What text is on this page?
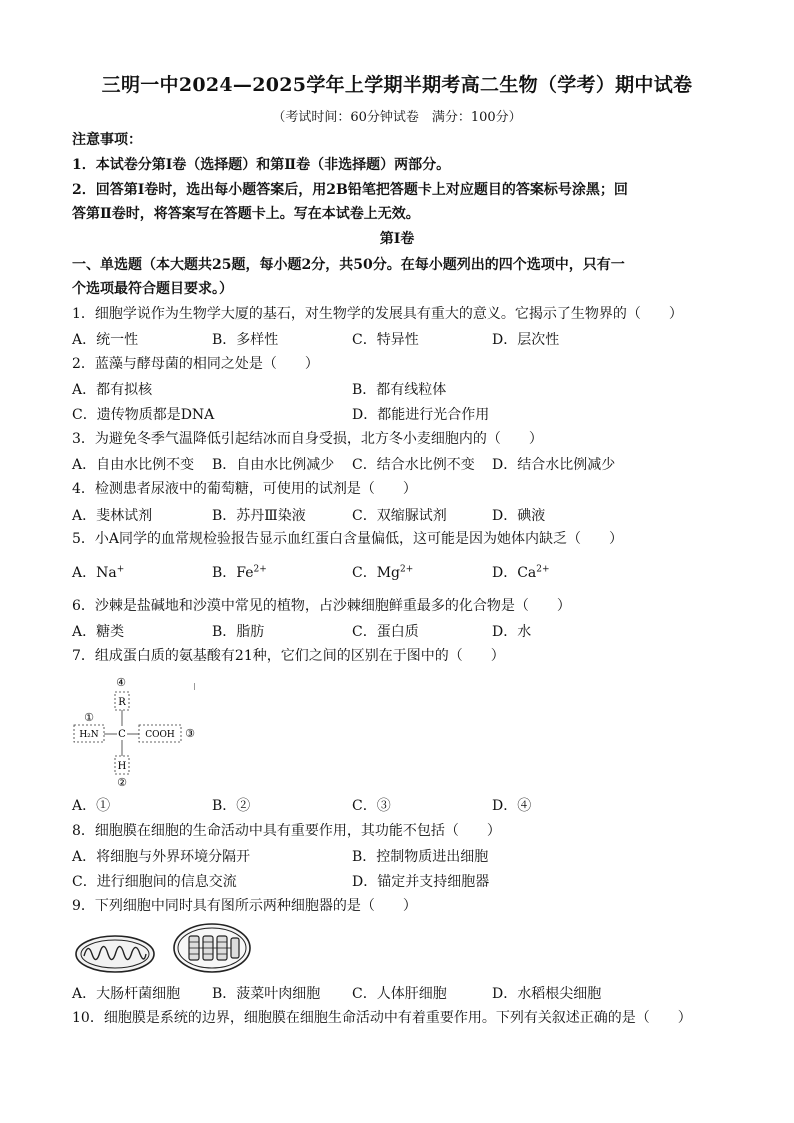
三明一中2024—2025学年上学期半期考高二生物（学考）期中试卷
（考试时间：60分钟试卷　满分：100分）
注意事项：
1．本试卷分第Ⅰ卷（选择题）和第Ⅱ卷（非选择题）两部分。
2．回答第Ⅰ卷时，选出每小题答案后，用2B铅笔把答题卡上对应题目的答案标号涂黑；回
答第Ⅱ卷时，将答案写在答题卡上。写在本试卷上无效。
第Ⅰ卷
一、单选题（本大题共25题，每小题2分，共50分。在每小题列出的四个选项中，只有一
个选项最符合题目要求。）
1．细胞学说作为生物学大厦的基石，对生物学的发展具有重大的意义。它揭示了生物界的（　　）
A．统一性	B．多样性	C．特异性	D．层次性
2．蓝藻与酵母菌的相同之处是（　　）
A．都有拟核	B．都有线粒体
C．遗传物质都是DNA	D．都能进行光合作用
3．为避免冬季气温降低引起结冰而自身受损，北方冬小麦细胞内的（　　）
A．自由水比例不变 B．自由水比例减少 C．结合水比例不变 D．结合水比例减少
4．检测患者尿液中的葡萄糖，可使用的试剂是（　　）
A．斐林试剂	B．苏丹Ⅲ染液	C．双缩脲试剂	D．碘液
5．小A同学的血常规检验报告显示血红蛋白含量偏低，这可能是因为她体内缺乏（　　）
A．Na+	B．$Fe^{2+}$	C．$Mg^{2+}$	D．$Ca^{2+}$
6．沙棘是盐碱地和沙漠中常见的植物，占沙棘细胞鲜重最多的化合物是（　　）
A．糖类	B．脂肪	C．蛋白质	D．水
7．组成蛋白质的氨基酸有21种，它们之间的区别在于图中的（　　）
④
R
①
H₂N C COOH ③
H
②
A．①	B．②	C．③	D．④
8．细胞膜在细胞的生命活动中具有重要作用，其功能不包括（　　）
A．将细胞与外界环境分隔开	B．控制物质进出细胞
C．进行细胞间的信息交流	D．锚定并支持细胞器
9．下列细胞中同时具有图所示两种细胞器的是（　　）
A．大肠杆菌细胞 B．菠菜叶肉细胞 C．人体肝细胞	D．水稻根尖细胞
10．细胞膜是系统的边界，细胞膜在细胞生命活动中有着重要作用。下列有关叙述正确的是（　　）
